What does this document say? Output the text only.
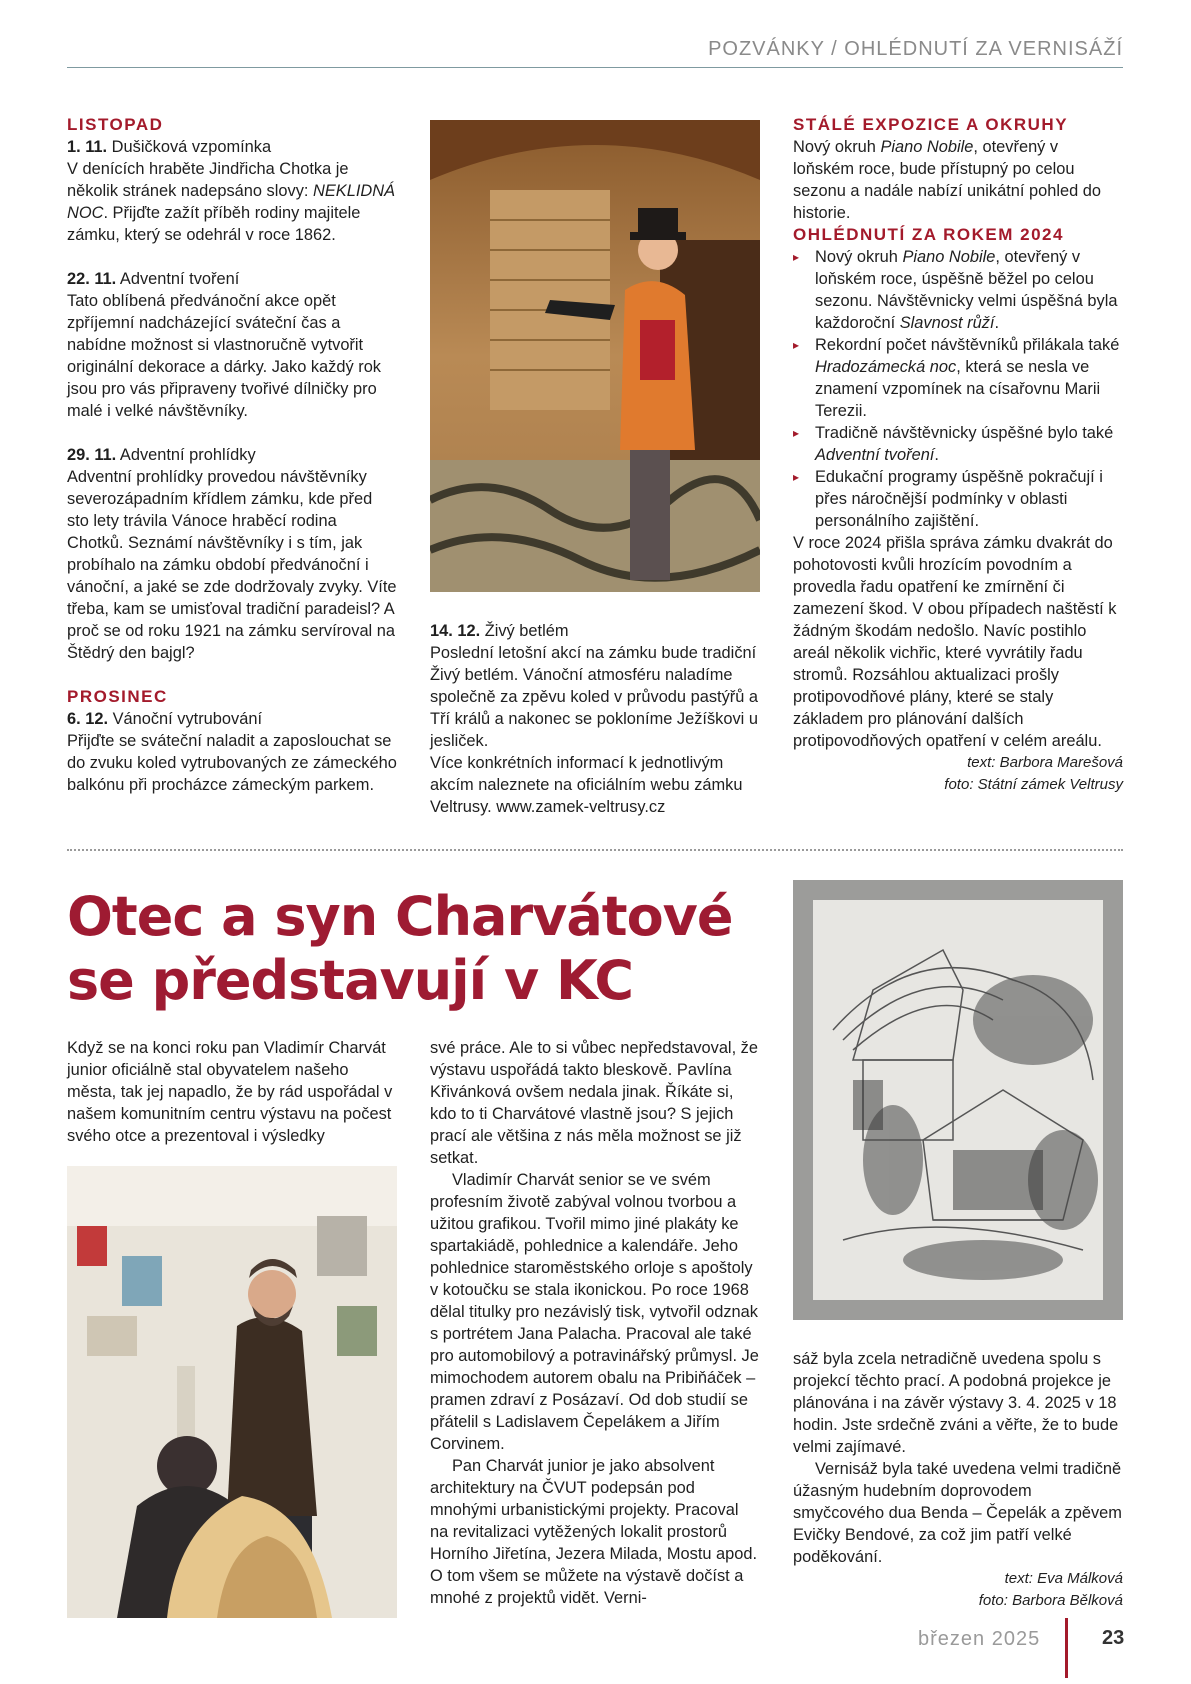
POZVÁNKY / OHLÉDNUTÍ ZA VERNISÁŽÍ

LISTOPAD

1. 11. Dušičková vzpomínka

V denících hraběte Jindřicha Chotka je několik stránek nadepsáno slovy: NEKLIDNÁ NOC. Přijďte zažít příběh rodiny majitele zámku, který se odehrál v roce 1862.

22. 11. Adventní tvoření

Tato oblíbená předvánoční akce opět zpříjemní nadcházející sváteční čas a nabídne možnost si vlastnoručně vytvořit originální dekorace a dárky. Jako každý rok jsou pro vás připraveny tvořivé dílničky pro malé i velké návštěvníky.

29. 11. Adventní prohlídky

Adventní prohlídky provedou návštěvníky severozápadním křídlem zámku, kde před sto lety trávila Vánoce hraběcí rodina Chotků. Seznámí návštěvníky i s tím, jak probíhalo na zámku období předvánoční i vánoční, a jaké se zde dodržovaly zvyky. Víte třeba, kam se umisťoval tradiční paradeisl? A proč se od roku 1921 na zámku servíroval na Štědrý den bajgl?

PROSINEC

6. 12. Vánoční vytrubování

Přijďte se sváteční naladit a zaposlouchat se do zvuku koled vytrubovaných ze zámeckého balkónu při procházce zámeckým parkem.

14. 12. Živý betlém

Poslední letošní akcí na zámku bude tradiční Živý betlém. Vánoční atmosféru naladíme společně za zpěvu koled v průvodu pastýřů a Tří králů a nakonec se pokloníme Ježíškovi u jesliček.

Více konkrétních informací k jednotlivým akcím naleznete na oficiálním webu zámku Veltrusy. www.zamek-veltrusy.cz

STÁLÉ EXPOZICE A OKRUHY

Nový okruh Piano Nobile, otevřený v loňském roce, bude přístupný po celou sezonu a nadále nabízí unikátní pohled do historie.

OHLÉDNUTÍ ZA ROKEM 2024

▸ Nový okruh Piano Nobile, otevřený v loňském roce, úspěšně běžel po celou sezonu. Návštěvnicky velmi úspěšná byla každoroční Slavnost růží.
▸ Rekordní počet návštěvníků přilákala také Hradozámecká noc, která se nesla ve znamení vzpomínek na císařovnu Marii Terezii.
▸ Tradičně návštěvnicky úspěšné bylo také Adventní tvoření.
▸ Edukační programy úspěšně pokračují i přes náročnější podmínky v oblasti personálního zajištění.

V roce 2024 přišla správa zámku dvakrát do pohotovosti kvůli hrozícím povodním a provedla řadu opatření ke zmírnění či zamezení škod. V obou případech naštěstí k žádným škodám nedošlo. Navíc postihlo areál několik vichřic, které vyvrátily řadu stromů. Rozsáhlou aktualizaci prošly protipovodňové plány, které se staly základem pro plánování dalších protipovodňových opatření v celém areálu.

text: Barbora Marešová

foto: Státní zámek Veltrusy

Otec a syn Charvátové se představují v KC

Když se na konci roku pan Vladimír Charvát junior oficiálně stal obyvatelem našeho města, tak jej napadlo, že by rád uspořádal v našem komunitním centru výstavu na počest svého otce a prezentoval i výsledky

své práce. Ale to si vůbec nepředstavoval, že výstavu uspořádá takto bleskově. Pavlína Křivánková ovšem nedala jinak. Říkáte si, kdo to ti Charvátové vlastně jsou? S jejich prací ale většina z nás měla možnost se již setkat.

Vladimír Charvát senior se ve svém profesním životě zabýval volnou tvorbou a užitou grafikou. Tvořil mimo jiné plakáty ke spartakiádě, pohlednice a kalendáře. Jeho pohlednice staroměstského orloje s apoštoly v kotoučku se stala ikonickou. Po roce 1968 dělal titulky pro nezávislý tisk, vytvořil odznak s portrétem Jana Palacha. Pracoval ale také pro automobilový a potravinářský průmysl. Je mimochodem autorem obalu na Pribiňáček – pramen zdraví z Posázaví. Od dob studií se přátelil s Ladislavem Čepelákem a Jiřím Corvinem.

Pan Charvát junior je jako absolvent architektury na ČVUT podepsán pod mnohými urbanistickými projekty. Pracoval na revitalizaci vytěžených lokalit prostorů Horního Jiřetína, Jezera Milada, Mostu apod. O tom všem se můžete na výstavě dočíst a mnohé z projektů vidět. Verni-

sáž byla zcela netradičně uvedena spolu s projekcí těchto prací. A podobná projekce je plánována i na závěr výstavy 3. 4. 2025 v 18 hodin. Jste srdečně zváni a věřte, že to bude velmi zajímavé.

Vernisáž byla také uvedena velmi tradičně úžasným hudebním doprovodem smyčcového dua Benda – Čepelák a zpěvem Evičky Bendové, za což jim patří velké poděkování.

text: Eva Málková

foto: Barbora Bělková

březen 2025	23
